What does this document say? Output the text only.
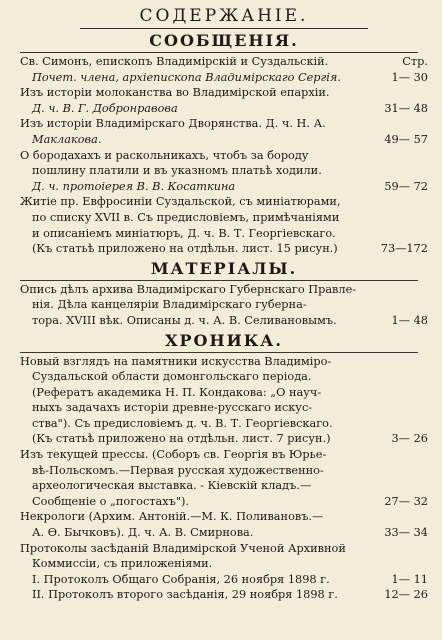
СОДЕРЖАНIЕ.
СООБЩЕНIЯ.
Св. Симонъ, епископъ Владимiрскiй и Суздальскiй.
Почет. члена, архiепископа Владимiрскаго Сергiя.
Стр.
1— 30
Изъ исторiи молоканства во Владимiрской епархiи.
Д. ч. В. Г. Добронравова
	31— 48
Изъ исторiи Владимiрскаго Дворянства. Д. ч. Н. А.
Маклакова.
	49— 57
О бородахахъ и раскольникахъ, чтобъ за бороду
пошлину платили и въ указномъ платьѣ ходили.
Д. ч. протоiерея В. В. Косаткина

	59— 72
Житiе пр. Евфросинiи Суздальской, съ миніатюрами,
по списку XVII в. Съ предисловiемъ, примѣчанiями
и описанiемъ миніатюръ, Д. ч. В. Т. Георгiевскаго.
(Къ статьѣ приложено на отдѣльн. лист. 15 рисун.)

	73—172
МАТЕРIАЛЫ.
Опись дѣлъ архива Владимiрскаго Губернскаго Правле-
нiя. Дѣла канцелярiи Владимiрскаго губерна-
тора. XVIII вѣк. Описаны д. ч. А. В. Селивановымъ.

	1— 48
ХРОНИКА.
Новый взглядъ на памятники искусства Владимiро-
Суздальской области домонгольскаго перiода.
(Рефератъ академика Н. П. Кондакова: „О науч-
ныхъ задачахъ исторiи древне-русскаго искус-
ства"). Съ предисловiемъ д. ч. В. Т. Георгiевскаго.
(Къ статьѣ приложено на отдѣльн. лист. 7 рисун.)

	3— 26
Изъ текущей прессы. (Соборъ св. Георгiя въ Юрье-
вѣ-Польскомъ.—Первая русская художественно-
археологическая выставка. - Кiевскiй кладъ.—
Сообщенiе о „погостахъ").

	27— 32
Некрологи (Архим. Антонiй.—М. К. Поливановъ.—
А. Ѳ. Бычковъ). Д. ч. А. В. Смирнова.
	33— 34
Протоколы засѣданiй Владимiрской Ученой Архивной
Коммиссiи, съ приложенiями.

I. Протоколъ Общаго Собранiя, 26 ноября 1898 г.	1— 11
II. Протоколъ второго засѣданiя, 29 ноября 1898 г.	12— 26
